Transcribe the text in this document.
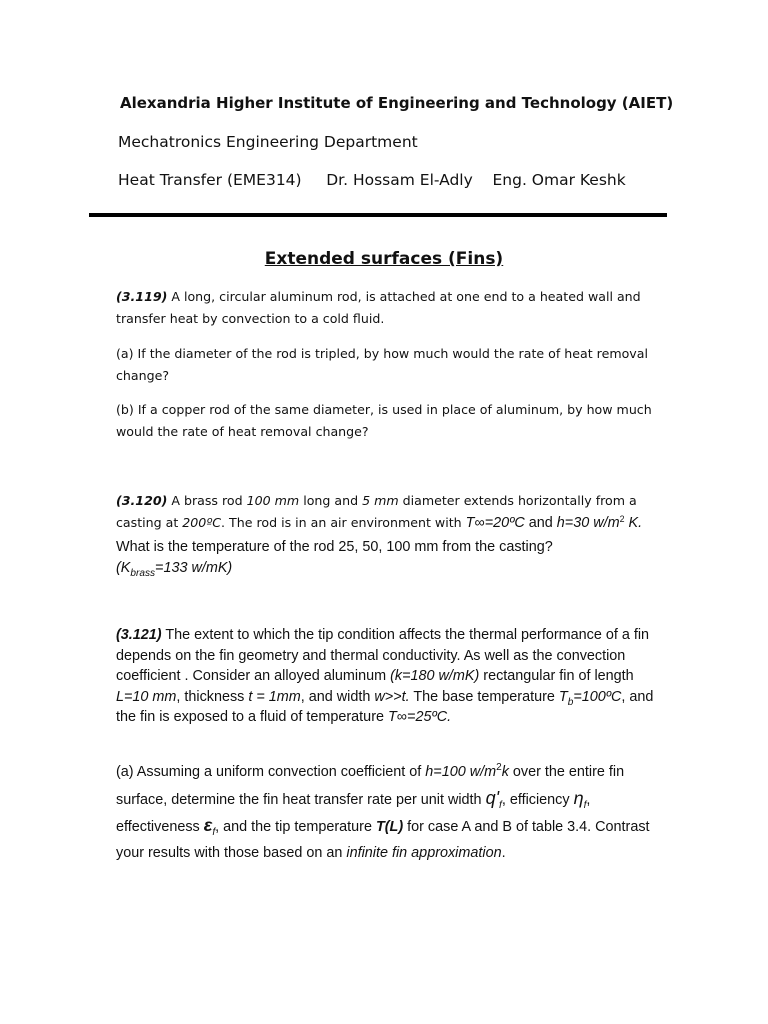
Alexandria Higher Institute of Engineering and Technology (AIET)
Mechatronics Engineering Department
Heat Transfer (EME314)     Dr. Hossam El-Adly    Eng. Omar Keshk
Extended surfaces (Fins)
(3.119) A long, circular aluminum rod, is attached at one end to a heated wall and transfer heat by convection to a cold fluid.
(a) If the diameter of the rod is tripled, by how much would the rate of heat removal change?
(b) If a copper rod of the same diameter, is used in place of aluminum, by how much would the rate of heat removal change?
(3.120) A brass rod 100 mm long and 5 mm diameter extends horizontally from a casting at 200ºC. The rod is in an air environment with T∞=20ºC and h=30 $w/m^2$ K.
What is the temperature of the rod 25, 50, 100 mm from the casting?
($K_{brass}=133$ w/mK)
(3.121) The extent to which the tip condition affects the thermal performance of a fin depends on the fin geometry and thermal conductivity. As well as the convection coefficient . Consider an alloyed aluminum (k=180 w/mK) rectangular fin of length L=10 mm, thickness t = 1mm, and width w>>t. The base temperature $T_b=100ºC$, and the fin is exposed to a fluid of temperature T∞=25ºC.
(a) Assuming a uniform convection coefficient of h=100 $w/m^2k$ over the entire fin surface, determine the fin heat transfer rate per unit width $q'_f$, efficiency $\eta_f$, effectiveness $\varepsilon_f$, and the tip temperature T(L) for case A and B of table 3.4. Contrast your results with those based on an infinite fin approximation.
